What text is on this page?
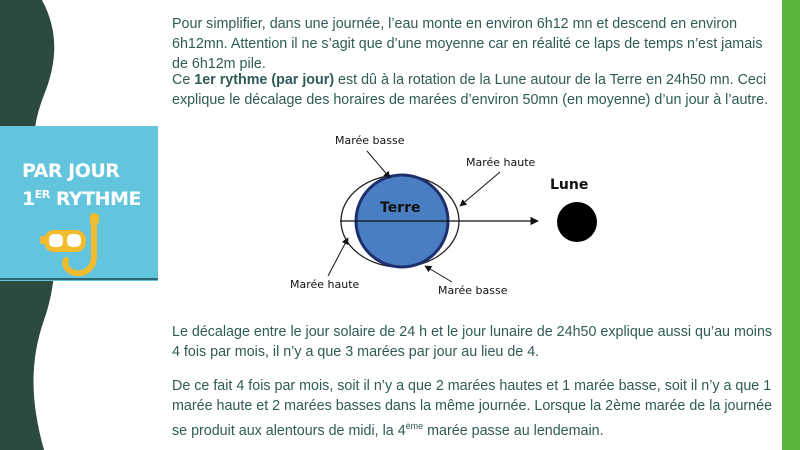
PAR JOUR
1ER RYTHME

Pour simplifier, dans une journée, l’eau monte en environ 6h12 mn et descend en environ 6h12mn. Attention il ne s’agit que d’une moyenne car en réalité ce laps de temps n’est jamais de 6h12m pile.

Ce 1er rythme (par jour) est dû à la rotation de la Lune autour de la Terre en 24h50 mn. Ceci explique le décalage des horaires de marées d’environ 50mn (en moyenne) d’un jour à l’autre.

Terre
Lune
Marée basse
Marée haute
Marée haute	Marée basse

Le décalage entre le jour solaire de 24 h et le jour lunaire de 24h50 explique aussi qu’au moins 4 fois par mois, il n’y a que 3 marées par jour au lieu de 4.

De ce fait 4 fois par mois, soit il n’y a que 2 marées hautes et 1 marée basse, soit il n’y a que 1 marée haute et 2 marées basses dans la même journée. Lorsque la 2ème marée de la journée se produit aux alentours de midi, la 4ème marée passe au lendemain.
